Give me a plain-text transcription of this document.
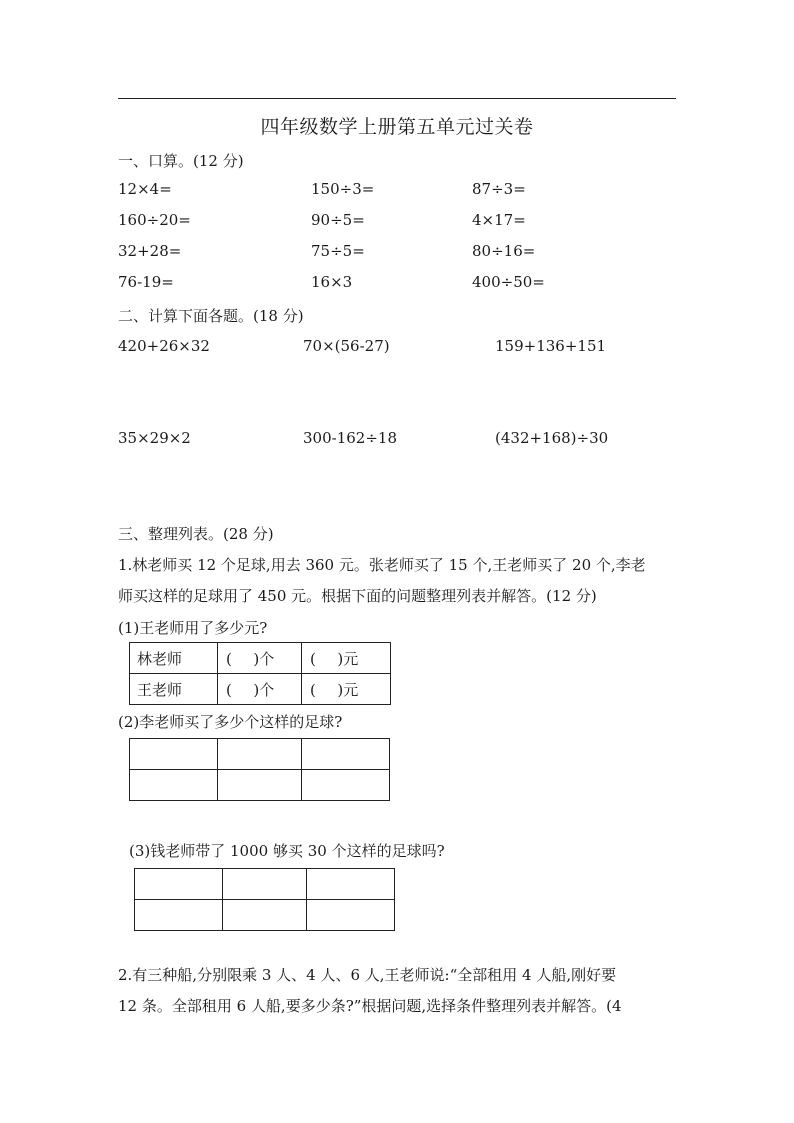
四年级数学上册第五单元过关卷
一、口算。(12 分)
12×4=	150÷3=	87÷3=
160÷20=	90÷5=	4×17=
32+28=	75÷5=	80÷16=
76-19=	16×3	400÷50=
二、计算下面各题。(18 分)
420+26×32	70×(56-27)	159+136+151
35×29×2	300-162÷18	(432+168)÷30
三、整理列表。(28 分)
1.林老师买 12 个足球,用去 360 元。张老师买了 15 个,王老师买了 20 个,李老
师买这样的足球用了 450 元。根据下面的问题整理列表并解答。(12 分)
(1)王老师用了多少元?
林老师	( )个	( )元
王老师	( )个	( )元
(2)李老师买了多少个这样的足球?

(3)钱老师带了 1000 够买 30 个这样的足球吗?

2.有三种船,分别限乘 3 人、4 人、6 人,王老师说:“全部租用 4 人船,刚好要
12 条。全部租用 6 人船,要多少条?”根据问题,选择条件整理列表并解答。(4
